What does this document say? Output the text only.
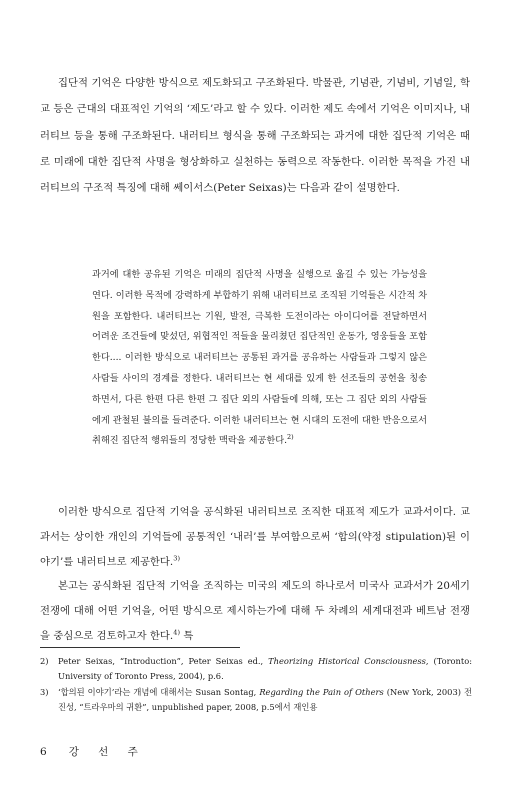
집단적 기억은 다양한 방식으로 제도화되고 구조화된다. 박물관, 기념관, 기념비, 기념일, 학교 등은 근대의 대표적인 기억의 ‘제도’라고 할 수 있다. 이러한 제도 속에서 기억은 이미지나, 내러티브 등을 통해 구조화된다. 내러티브 형식을 통해 구조화되는 과거에 대한 집단적 기억은 때로 미래에 대한 집단적 사명을 형상화하고 실천하는 동력으로 작동한다. 이러한 목적을 가진 내러티브의 구조적 특징에 대해 쎄이서스(Peter Seixas)는 다음과 같이 설명한다.

과거에 대한 공유된 기억은 미래의 집단적 사명을 실행으로 옮길 수 있는 가능성을 연다. 이러한 목적에 강력하게 부합하기 위해 내러티브로 조직된 기억들은 시간적 차원을 포함한다. 내러티브는 기원, 발전, 극복한 도전이라는 아이디어를 전달하면서 어려운 조건들에 맞섰던, 위협적인 적들을 물리쳤던 집단적인 운동가, 영웅들을 포함한다.... 이러한 방식으로 내러티브는 공통된 과거를 공유하는 사람들과 그렇지 않은 사람들 사이의 경계를 정한다. 내러티브는 현 세대를 있게 한 선조들의 공헌을 칭송하면서, 다른 한편 다른 한편 그 집단 외의 사람들에 의해, 또는 그 집단 외의 사람들에게 관철된 불의를 들려준다. 이러한 내러티브는 현 시대의 도전에 대한 반응으로서 취해진 집단적 행위들의 정당한 맥락을 제공한다.$^{2)}$

이러한 방식으로 집단적 기억을 공식화된 내러티브로 조직한 대표적 제도가 교과서이다. 교과서는 상이한 개인의 기억들에 공통적인 ‘내러’를 부여함으로써 ‘합의(약정 stipulation)된 이야기’를 내러티브로 제공한다.$^{3)}$

본고는 공식화된 집단적 기억을 조직하는 미국의 제도의 하나로서 미국사 교과서가 20세기 전쟁에 대해 어떤 기억을, 어떤 방식으로 제시하는가에 대해 두 차례의 세계대전과 베트남 전쟁을 중심으로 검토하고자 한다.$^{4)}$ 특

2) Peter Seixas, “Introduction”, Peter Seixas ed., Theorizing Historical Consciousness, (Toronto: University of Toronto Press, 2004), p.6.

3) ‘합의된 이야기’라는 개념에 대해서는 Susan Sontag, Regarding the Pain of Others (New York, 2003) 전진성, “트라우마의 귀환”, unpublished paper, 2008, p.5에서 재인용

6 강 선 주
